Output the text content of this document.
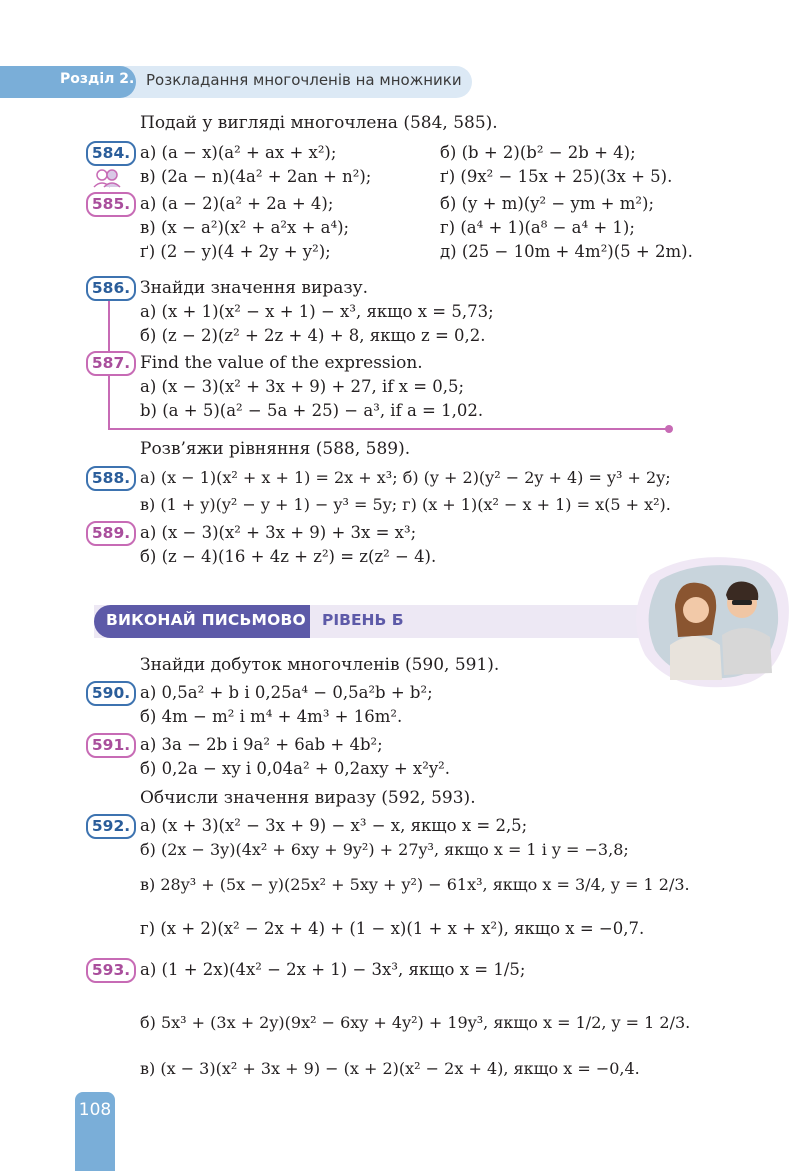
Розділ 2. Розкладання многочленів на множники
Подай у вигляді многочлена (584, 585).
584. а) (a − x)(a² + ax + x²);	б) (b + 2)(b² − 2b + 4);
в) (2a − n)(4a² + 2an + n²);	ґ) (9x² − 15x + 25)(3x + 5).
585. а) (a − 2)(a² + 2a + 4);	б) (y + m)(y² − ym + m²);
в) (x − a²)(x² + a²x + a⁴);	г) (a⁴ + 1)(a⁸ − a⁴ + 1);
ґ) (2 − y)(4 + 2y + y²);	д) (25 − 10m + 4m²)(5 + 2m).
586. Знайди значення виразу.
а) (x + 1)(x² − x + 1) − x³, якщо x = 5,73;
б) (z − 2)(z² + 2z + 4) + 8, якщо z = 0,2.
587. Find the value of the expression.
a) (x − 3)(x² + 3x + 9) + 27, if x = 0,5;
b) (a + 5)(a² − 5a + 25) − a³, if a = 1,02.
Розв’яжи рівняння (588, 589).
588. а) (x − 1)(x² + x + 1) = 2x + x³; б) (y + 2)(y² − 2y + 4) = y³ + 2y;
в) (1 + y)(y² − y + 1) − y³ = 5y; г) (x + 1)(x² − x + 1) = x(5 + x²).
589. а) (x − 3)(x² + 3x + 9) + 3x = x³;
б) (z − 4)(16 + 4z + z²) = z(z² − 4).
ВИКОНАЙ ПИСЬМОВО РІВЕНЬ Б
Знайди добуток многочленів (590, 591).
590. а) 0,5a² + b і 0,25a⁴ − 0,5a²b + b²;
б) 4m − m² і m⁴ + 4m³ + 16m².
591. а) 3a − 2b і 9a² + 6ab + 4b²;
б) 0,2a − xy і 0,04a² + 0,2axy + x²y².
Обчисли значення виразу (592, 593).
592. а) (x + 3)(x² − 3x + 9) − x³ − x, якщо x = 2,5;
б) (2x − 3y)(4x² + 6xy + 9y²) + 27y³, якщо x = 1 і y = −3,8;
в) 28y³ + (5x − y)(25x² + 5xy + y²) − 61x³, якщо x = 3/4, y = 1 2/3.
г) (x + 2)(x² − 2x + 4) + (1 − x)(1 + x + x²), якщо x = −0,7.
593. а) (1 + 2x)(4x² − 2x + 1) − 3x³, якщо x = 1/5;
б) 5x³ + (3x + 2y)(9x² − 6xy + 4y²) + 19y³, якщо x = 1/2, y = 1 2/3.
в) (x − 3)(x² + 3x + 9) − (x + 2)(x² − 2x + 4), якщо x = −0,4.
108
